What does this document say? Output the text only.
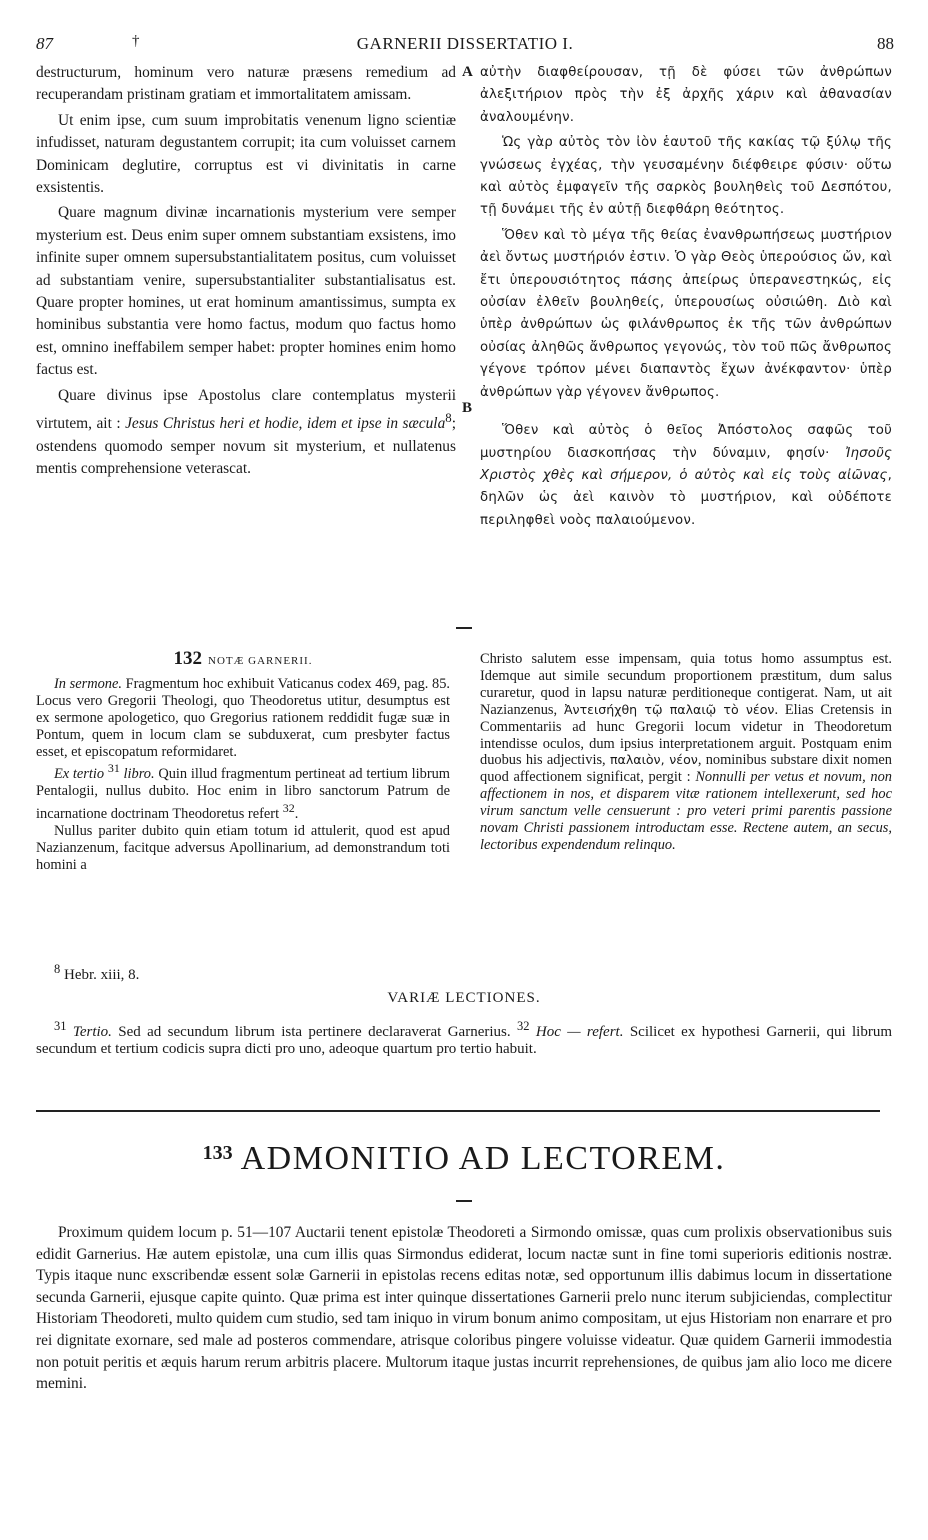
87	†	GARNERII DISSERTATIO I.	88

destructurum, hominum vero naturæ præsens remedium ad recuperandam pristinam gratiam et immortalitatem amissam.

Ut enim ipse, cum suum improbitatis venenum ligno scientiæ infudisset, naturam degustantem corrupit; ita cum voluisset carnem Dominicam deglutire, corruptus est vi divinitatis in carne exsistentis.

Quare magnum divinæ incarnationis mysterium vere semper mysterium est. Deus enim super omnem substantiam exsistens, imo infinite super omnem supersubstantialitatem positus, cum voluisset ad substantiam venire, supersubstantialiter substantialisatus est. Quare propter homines, ut erat hominum amantissimus, sumpta ex hominibus substantia vere homo factus, modum quo factus homo est, omnino ineffabilem semper habet: propter homines enim homo factus est.

Quare divinus ipse Apostolus clare contemplatus mysterii virtutem, ait : Jesus Christus heri et hodie, idem et ipse in sæcula$^8$; ostendens quomodo semper novum sit mysterium, et nullatenus mentis comprehensione veterascat.

A
B

αὐτὴν διαφθείρουσαν, τῇ δὲ φύσει τῶν ἀνθρώπων ἀλεξιτήριον πρὸς τὴν ἐξ ἀρχῆς χάριν καὶ ἀθανασίαν ἀναλουμένην.

Ὡς γὰρ αὐτὸς τὸν ἰὸν ἑαυτοῦ τῆς κακίας τῷ ξύλῳ τῆς γνώσεως ἐγχέας, τὴν γευσαμένην διέφθειρε φύσιν· οὕτω καὶ αὐτὸς ἐμφαγεῖν τῆς σαρκὸς βουληθεὶς τοῦ Δεσπότου, τῇ δυνάμει τῆς ἐν αὐτῇ διεφθάρη θεότητος.

Ὅθεν καὶ τὸ μέγα τῆς θείας ἐνανθρωπήσεως μυστήριον ἀεὶ ὄντως μυστήριόν ἐστιν. Ὁ γὰρ Θεὸς ὑπερούσιος ὤν, καὶ ἔτι ὑπερουσιότητος πάσης ἀπείρως ὑπερανεστηκώς, εἰς οὐσίαν ἐλθεῖν βουληθείς, ὑπερουσίως οὐσιώθη. Διὸ καὶ ὑπὲρ ἀνθρώπων ὡς φιλάνθρωπος ἐκ τῆς τῶν ἀνθρώπων οὐσίας ἀληθῶς ἄνθρωπος γεγονώς, τὸν τοῦ πῶς ἄνθρωπος γέγονε τρόπον μένει διαπαντὸς ἔχων ἀνέκφαντον· ὑπὲρ ἀνθρώπων γὰρ γέγονεν ἄνθρωπος.

Ὅθεν καὶ αὐτὸς ὁ θεῖος Ἀπόστολος σαφῶς τοῦ μυστηρίου διασκοπήσας τὴν δύναμιν, φησίν· Ἰησοῦς Χριστὸς χθὲς καὶ σήμερον, ὁ αὐτὸς καὶ εἰς τοὺς αἰῶνας, δηλῶν ὡς ἀεὶ καινὸν τὸ μυστήριον, καὶ οὐδέποτε περιληφθεὶ νοὸς παλαιούμενον.

132 NOTÆ GARNERII.

In sermone. Fragmentum hoc exhibuit Vaticanus codex 469, pag. 85. Locus vero Gregorii Theologi, quo Theodoretus utitur, desumptus est ex sermone apologetico, quo Gregorius rationem reddidit fugæ suæ in Pontum, quem in locum clam se subduxerat, cum presbyter factus esset, et episcopatum reformidaret.

Ex tertio $^{31}$ libro. Quin illud fragmentum pertineat ad tertium librum Pentalogii, nullus dubito. Hoc enim in libro sanctorum Patrum de incarnatione doctrinam Theodoretus refert $^{32}$.

Nullus pariter dubito quin etiam totum id attulerit, quod est apud Nazianzenum, facitque adversus Apollinarium, ad demonstrandum toti homini a

Christo salutem esse impensam, quia totus homo assumptus est. Idemque aut simile secundum proportionem præstitum, dum salus curaretur, quod in lapsu naturæ perditioneque contigerat. Nam, ut ait Nazianzenus, Ἀντεισήχθη τῷ παλαιῷ τὸ νέον. Elias Cretensis in Commentariis ad hunc Gregorii locum videtur in Theodoretum intendisse oculos, dum ipsius interpretationem arguit. Postquam enim duobus his adjectivis, παλαιὸν, νέον, nominibus substare dixit nomen quod affectionem significat, pergit : Nonnulli per vetus et novum, non affectionem in nos, et disparem vitæ rationem intellexerunt, sed hoc virum sanctum velle censuerunt : pro veteri primi parentis passione novam Christi passionem introductam esse. Rectene autem, an secus, lectoribus expendendum relinquo.

$^8$ Hebr. xiii, 8.
VARIÆ LECTIONES.

$^{31}$ Tertio. Sed ad secundum librum ista pertinere declaraverat Garnerius. $^{32}$ Hoc — refert. Scilicet ex hypothesi Garnerii, qui librum secundum et tertium codicis supra dicti pro uno, adeoque quartum pro tertio habuit.

133 ADMONITIO AD LECTOREM.

Proximum quidem locum p. 51—107 Auctarii tenent epistolæ Theodoreti a Sirmondo omissæ, quas cum prolixis observationibus suis edidit Garnerius. Hæ autem epistolæ, una cum illis quas Sirmondus ediderat, locum nactæ sunt in fine tomi superioris editionis nostræ. Typis itaque nunc exscribendæ essent solæ Garnerii in epistolas recens editas notæ, sed opportunum illis dabimus locum in dissertatione secunda Garnerii, ejusque capite quinto. Quæ prima est inter quinque dissertationes Garnerii prelo nunc iterum subjiciendas, complectitur Historiam Theodoreti, multo quidem cum studio, sed tam iniquo in virum bonum animo compositam, ut ejus Historiam non enarrare et pro rei dignitate exornare, sed male ad posteros commendare, atrisque coloribus pingere voluisse videatur. Quæ quidem Garnerii immodestia non potuit peritis et æquis harum rerum arbitris placere. Multorum itaque justas incurrit reprehensiones, de quibus jam alio loco me dicere memini.
